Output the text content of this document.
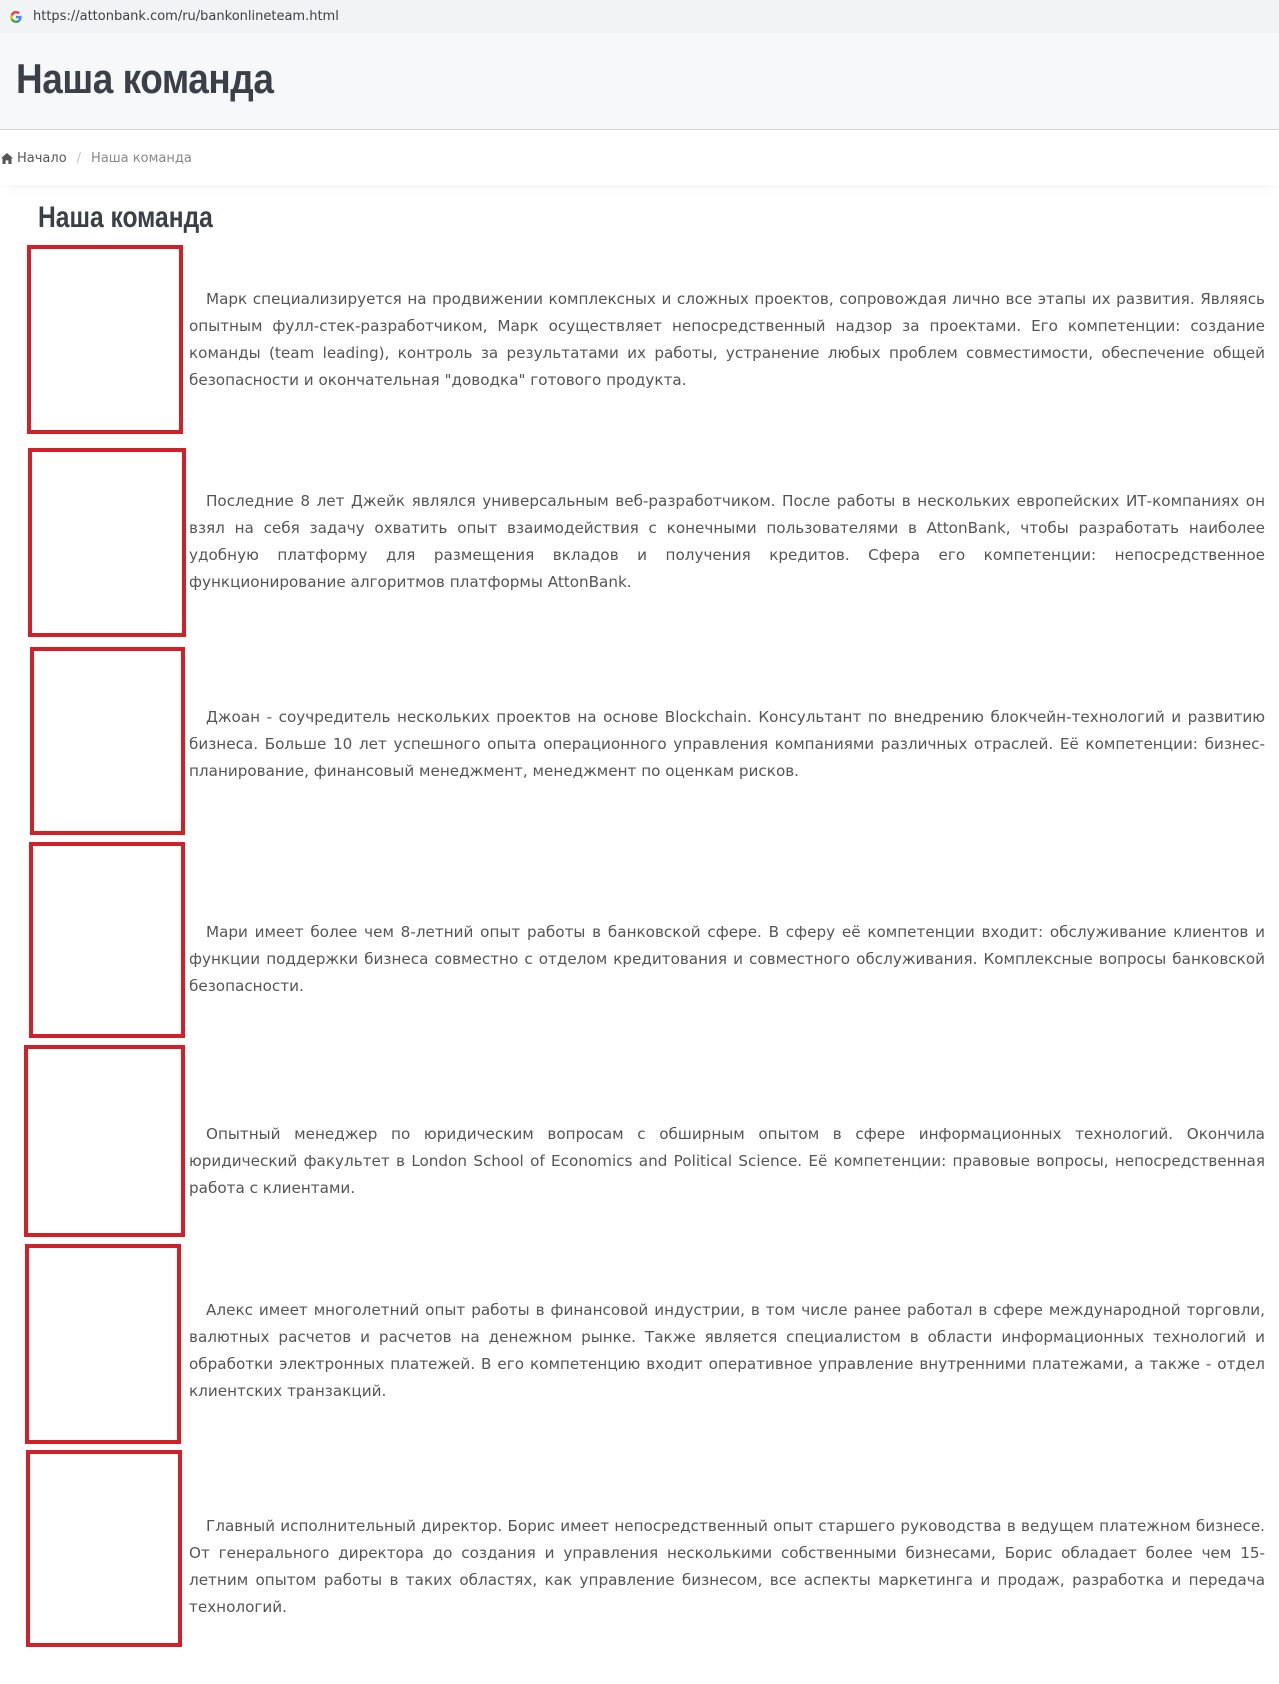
https://attonbank.com/ru/bankonlineteam.html
Наша команда
Начало / Наша команда
Наша команда

Марк специализируется на продвижении комплексных и сложных проектов, сопровождая лично все этапы их развития. Являясь опытным фулл-стек-разработчиком, Марк осуществляет непосредственный надзор за проектами. Его компетенции: создание команды (team leading), контроль за результатами их работы, устранение любых проблем совместимости, обеспечение общей безопасности и окончательная "доводка" готового продукта.

Последние 8 лет Джейк являлся универсальным веб-разработчиком. После работы в нескольких европейских ИТ-компаниях он взял на себя задачу охватить опыт взаимодействия с конечными пользователями в AttonBank, чтобы разработать наиболее удобную платформу для размещения вкладов и получения кредитов. Сфера его компетенции: непосредственное функционирование алгоритмов платформы AttonBank.

Джоан - соучредитель нескольких проектов на основе Blockchain. Консультант по внедрению блокчейн-технологий и развитию бизнеса. Больше 10 лет успешного опыта операционного управления компаниями различных отраслей. Её компетенции: бизнес-планирование, финансовый менеджмент, менеджмент по оценкам рисков.

Мари имеет более чем 8-летний опыт работы в банковской сфере. В сферу её компетенции входит: обслуживание клиентов и функции поддержки бизнеса совместно с отделом кредитования и совместного обслуживания. Комплексные вопросы банковской безопасности.

Опытный менеджер по юридическим вопросам с обширным опытом в сфере информационных технологий. Окончила юридический факультет в London School of Economics and Political Science. Её компетенции: правовые вопросы, непосредственная работа с клиентами.

Алекс имеет многолетний опыт работы в финансовой индустрии, в том числе ранее работал в сфере международной торговли, валютных расчетов и расчетов на денежном рынке. Также является специалистом в области информационных технологий и обработки электронных платежей. В его компетенцию входит оперативное управление внутренними платежами, а также - отдел клиентских транзакций.

Главный исполнительный директор. Борис имеет непосредственный опыт старшего руководства в ведущем платежном бизнесе. От генерального директора до создания и управления несколькими собственными бизнесами, Борис обладает более чем 15-летним опытом работы в таких областях, как управление бизнесом, все аспекты маркетинга и продаж, разработка и передача технологий.
